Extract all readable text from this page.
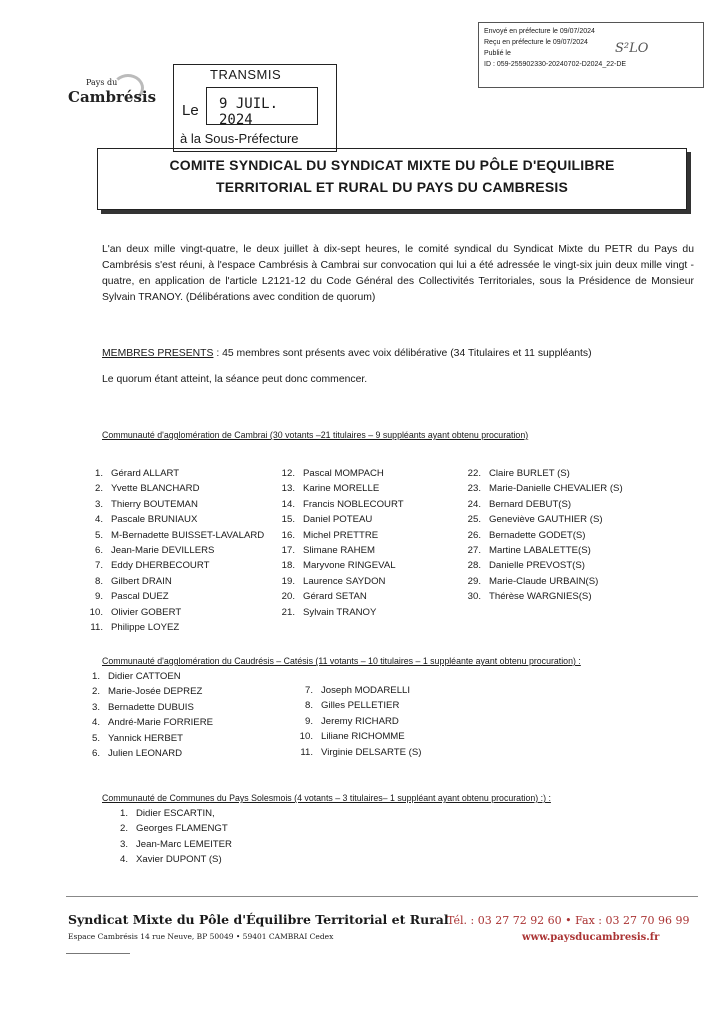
Envoyé en préfecture le 09/07/2024
Reçu en préfecture le 09/07/2024
Publié le
ID : 059-255902330-20240702-D2024_22-DE
S²LO
Pays du
Cambrésis
TRANSMIS
Le 9 JUIL. 2024
à la Sous-Préfecture
COMITE SYNDICAL DU SYNDICAT MIXTE DU PÔLE D'EQUILIBRE
TERRITORIAL ET RURAL DU PAYS DU CAMBRESIS
L'an deux mille vingt-quatre, le deux juillet à dix-sept heures, le comité syndical du Syndicat Mixte du PETR du Pays du Cambrésis s'est réuni, à l'espace Cambrésis à Cambrai sur convocation qui lui a été adressée le vingt-six juin deux mille vingt -quatre, en application de l'article L2121-12 du Code Général des Collectivités Territoriales, sous la Présidence de Monsieur Sylvain TRANOY. (Délibérations avec condition de quorum)
MEMBRES PRESENTS : 45 membres sont présents avec voix délibérative (34 Titulaires et 11 suppléants)
Le quorum étant atteint, la séance peut donc commencer.
Communauté d'agglomération de Cambrai (30 votants –21 titulaires – 9 suppléants ayant obtenu procuration)
1. Gérard ALLART
2. Yvette BLANCHARD
3. Thierry BOUTEMAN
4. Pascale BRUNIAUX
5. M-Bernadette BUISSET-LAVALARD
6. Jean-Marie DEVILLERS
7. Eddy DHERBECOURT
8. Gilbert DRAIN
9. Pascal DUEZ
10. Olivier GOBERT
11. Philippe LOYEZ
12. Pascal MOMPACH
13. Karine MORELLE
14. Francis NOBLECOURT
15. Daniel POTEAU
16. Michel PRETTRE
17. Slimane RAHEM
18. Maryvone RINGEVAL
19. Laurence SAYDON
20. Gérard SETAN
21. Sylvain TRANOY
22. Claire BURLET (S)
23. Marie-Danielle CHEVALIER (S)
24. Bernard DEBUT(S)
25. Geneviève GAUTHIER (S)
26. Bernadette GODET(S)
27. Martine LABALETTE(S)
28. Danielle PREVOST(S)
29. Marie-Claude URBAIN(S)
30. Thérèse WARGNIES(S)
Communauté d'agglomération du Caudrésis – Catésis (11 votants – 10 titulaires – 1 suppléante ayant obtenu procuration) :
1. Didier CATTOEN
2. Marie-Josée DEPREZ
3. Bernadette DUBUIS
4. André-Marie FORRIERE
5. Yannick HERBET
6. Julien LEONARD
7. Joseph MODARELLI
8. Gilles PELLETIER
9. Jeremy RICHARD
10. Liliane RICHOMME
11. Virginie DELSARTE (S)
Communauté de Communes du Pays Solesmois (4 votants – 3 titulaires– 1 suppléant ayant obtenu procuration) :) :
1. Didier ESCARTIN,
2. Georges FLAMENGT
3. Jean-Marc LEMEITER
4. Xavier DUPONT (S)
Syndicat Mixte du Pôle d'Équilibre Territorial et Rural
Espace Cambrésis 14 rue Neuve, BP 50049 • 59401 CAMBRAI Cedex
Tél. : 03 27 72 92 60 • Fax : 03 27 70 96 99
www.paysducambresis.fr
